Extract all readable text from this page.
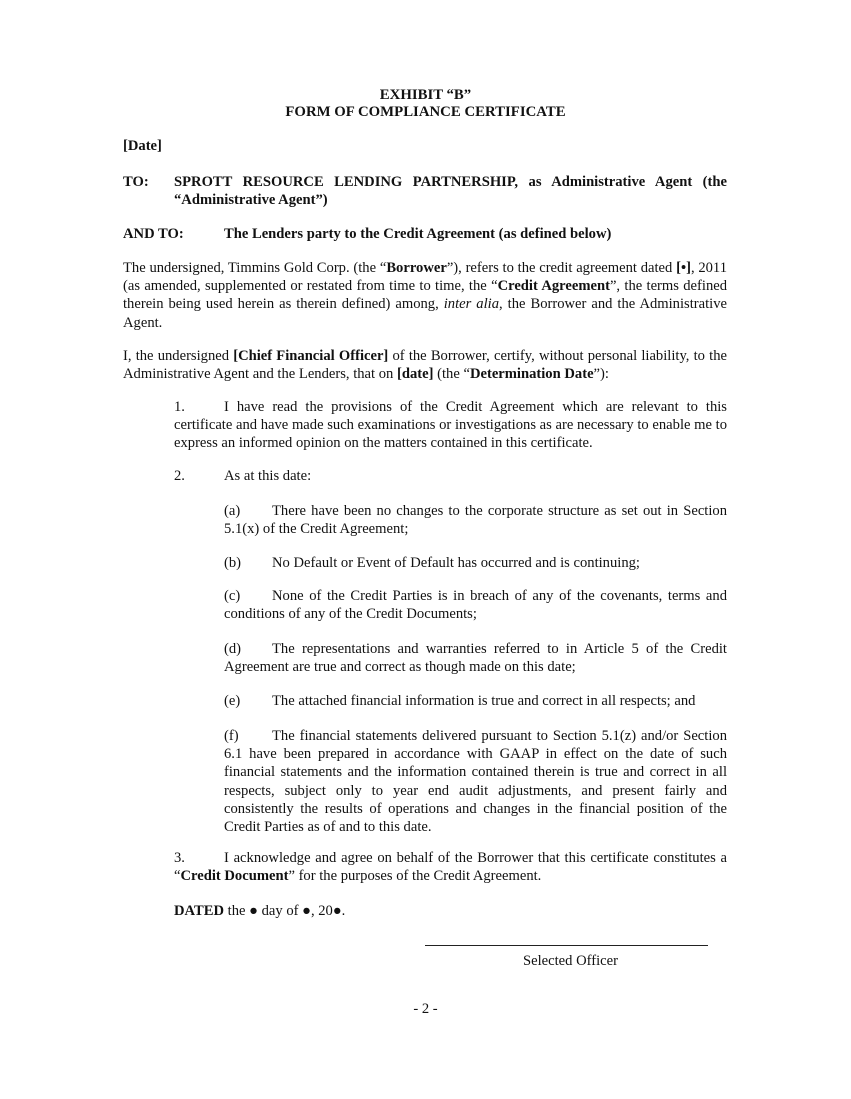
EXHIBIT “B”
FORM OF COMPLIANCE CERTIFICATE
[Date]
TO: SPROTT RESOURCE LENDING PARTNERSHIP, as Administrative Agent (the
“Administrative Agent”)
AND TO:	The Lenders party to the Credit Agreement (as defined below)
The undersigned, Timmins Gold Corp. (the “Borrower”), refers to the credit agreement dated [•], 2011 (as amended, supplemented or restated from time to time, the “Credit Agreement”, the terms defined therein being used herein as therein defined) among, inter alia, the Borrower and the Administrative Agent.
I, the undersigned [Chief Financial Officer] of the Borrower, certify, without personal liability, to the Administrative Agent and the Lenders, that on [date] (the “Determination Date”):
1.	I have read the provisions of the Credit Agreement which are relevant to this certificate and have made such examinations or investigations as are necessary to enable me to express an informed opinion on the matters contained in this certificate.
2.	As at this date:
(a)	There have been no changes to the corporate structure as set out in Section 5.1(x) of the Credit Agreement;
(b) No Default or Event of Default has occurred and is continuing;
(c)	None of the Credit Parties is in breach of any of the covenants, terms and conditions of any of the Credit Documents;
(d)	The representations and warranties referred to in Article 5 of the Credit Agreement are true and correct as though made on this date;
(e) The attached financial information is true and correct in all respects; and
(f)	The financial statements delivered pursuant to Section 5.1(z) and/or Section 6.1 have been prepared in accordance with GAAP in effect on the date of such financial statements and the information contained therein is true and correct in all respects, subject only to year end audit adjustments, and present fairly and consistently the results of operations and changes in the financial position of the Credit Parties as of and to this date.
3.	I acknowledge and agree on behalf of the Borrower that this certificate constitutes a “Credit Document” for the purposes of the Credit Agreement.
DATED the ● day of ●, 20●.
Selected Officer
- 2 -
